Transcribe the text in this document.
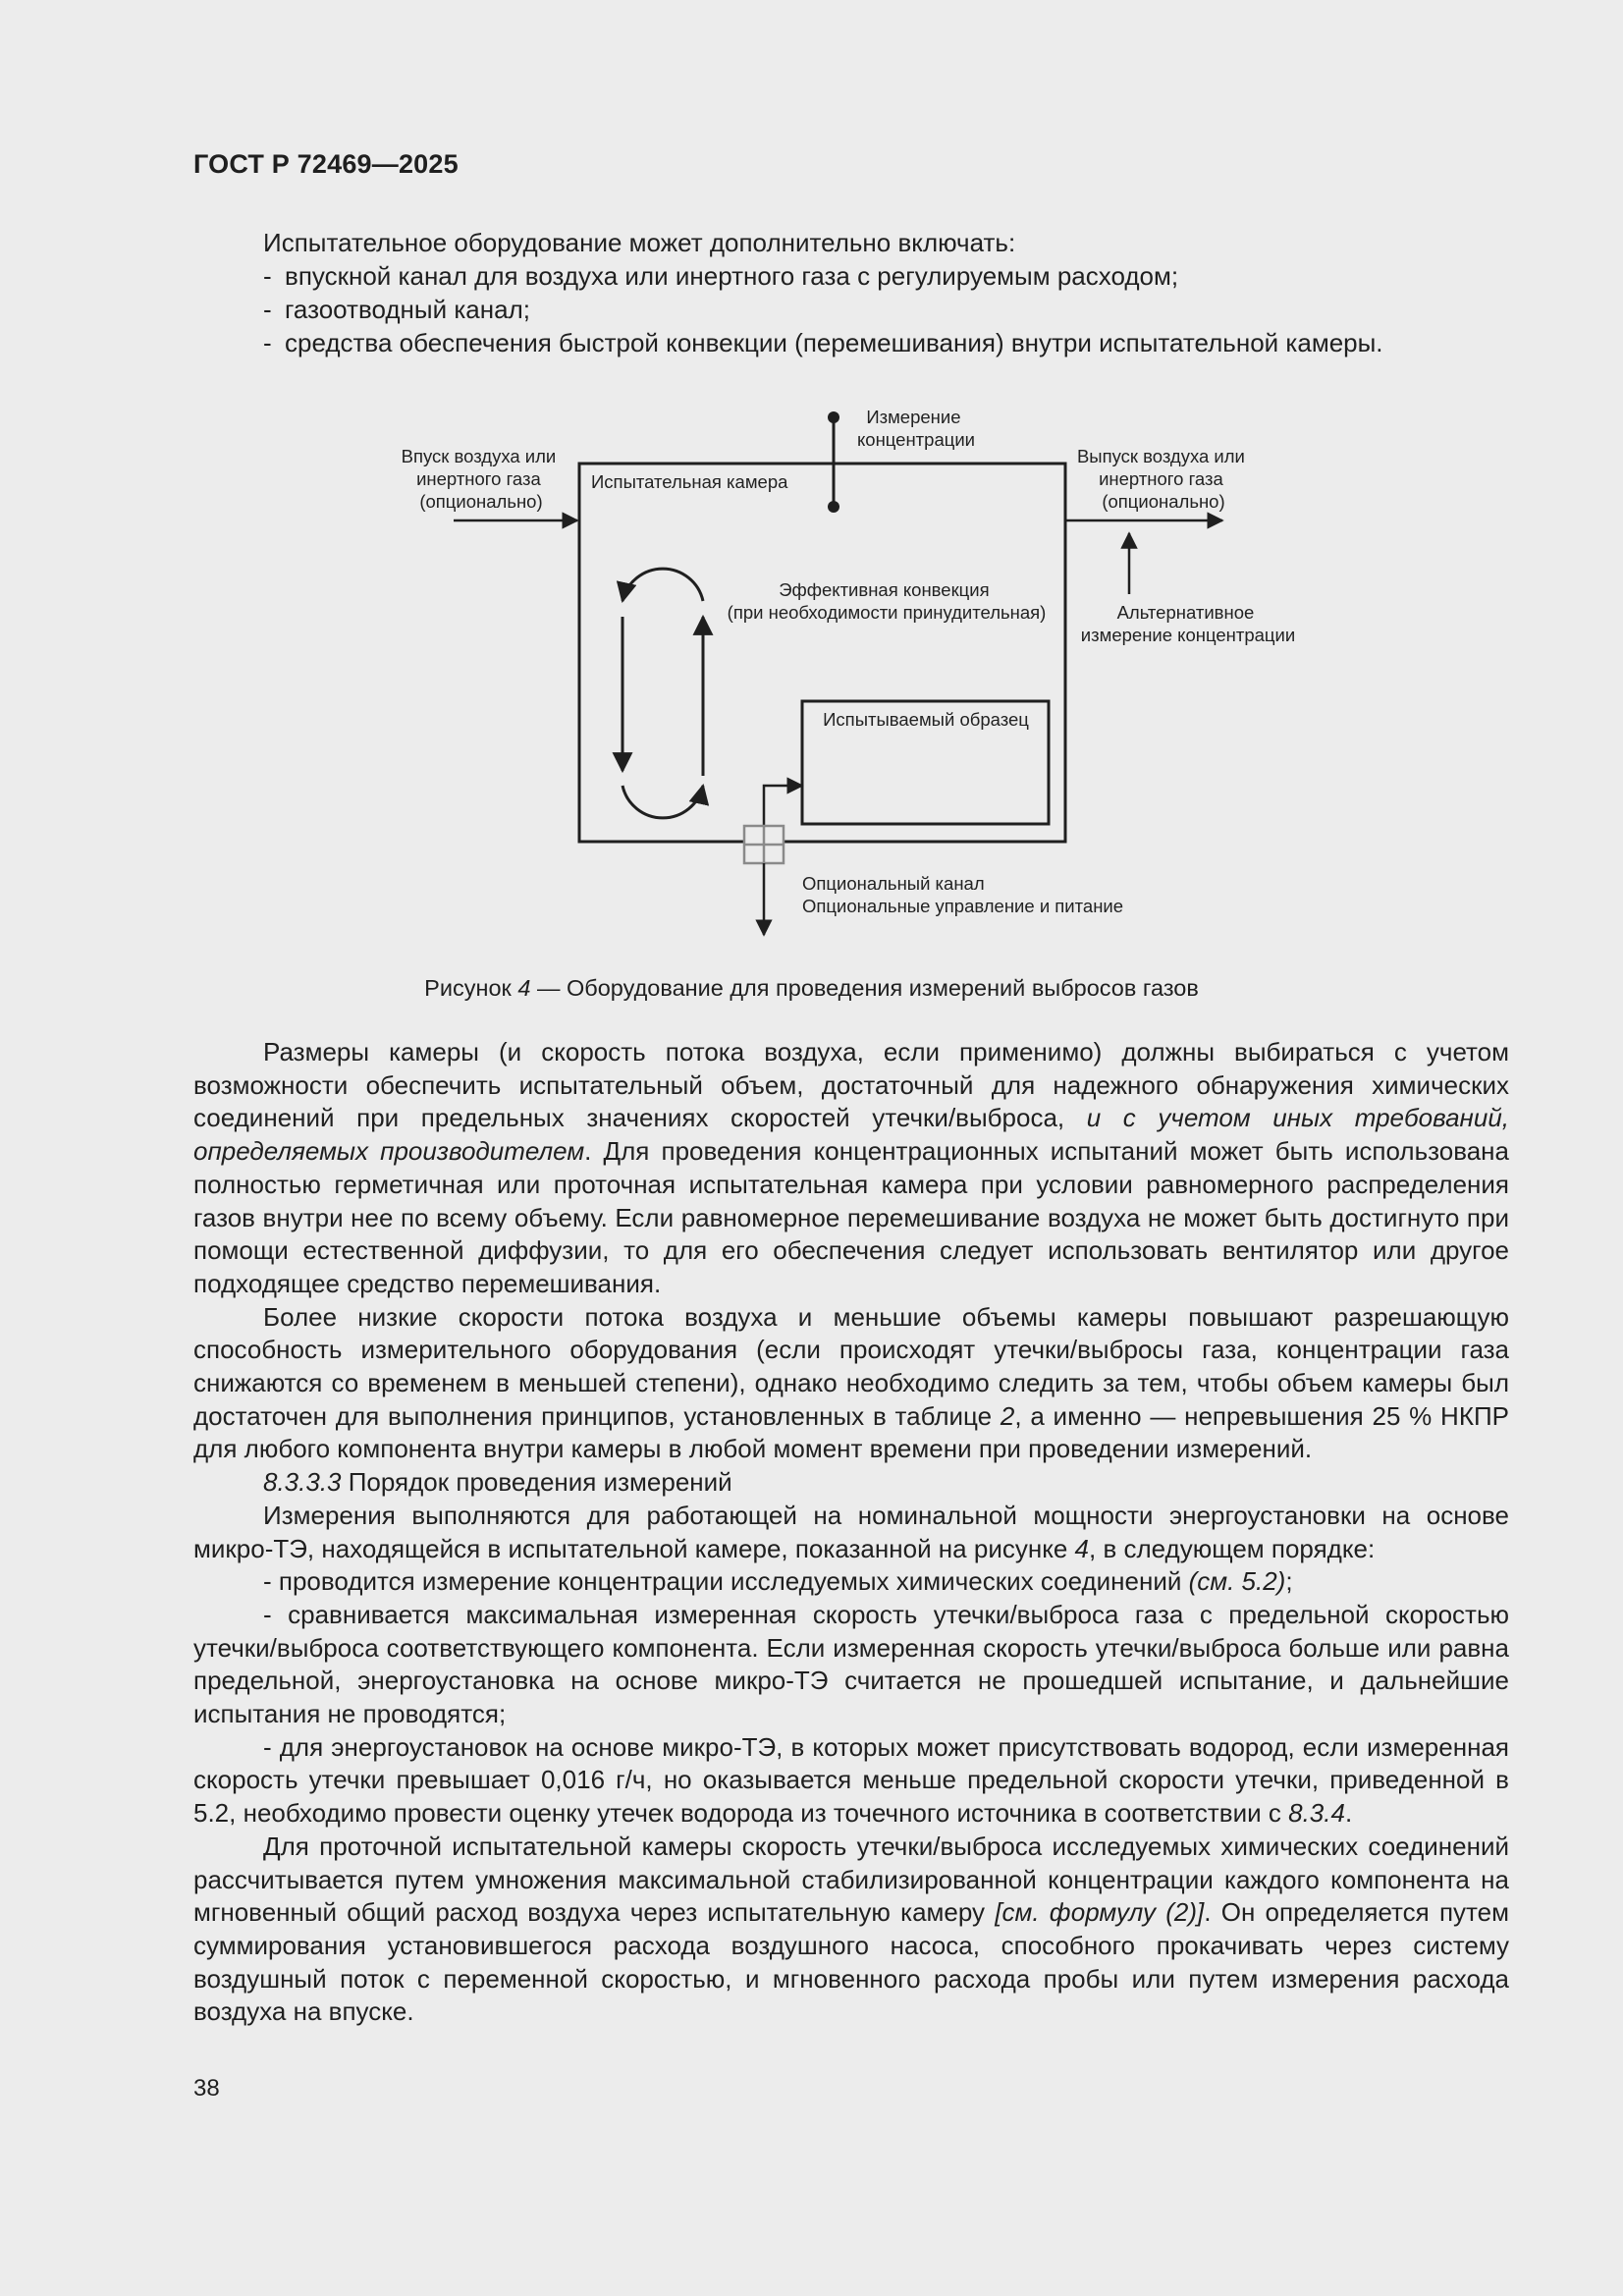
ГОСТ Р 72469—2025
Испытательное оборудование может дополнительно включать:
- впускной канал для воздуха или инертного газа с регулируемым расходом;
- газоотводный канал;
- средства обеспечения быстрой конвекции (перемешивания) внутри испытательной камеры.
Впуск воздуха или инертного газа (опционально)
Испытательная камера
Измерение концентрации
Выпуск воздуха или инертного газа (опционально)
Эффективная конвекция (при необходимости принудительная)	Альтернативное измерение концентрации
Испытываемый образец
Опциональный канал Опциональные управление и питание
Рисунок 4 — Оборудование для проведения измерений выбросов газов

Размеры камеры (и скорость потока воздуха, если применимо) должны выбираться с учетом возможности обеспечить испытательный объем, достаточный для надежного обнаружения химических соединений при предельных значениях скоростей утечки/выброса, и с учетом иных требований, определяемых производителем. Для проведения концентрационных испытаний может быть использована полностью герметичная или проточная испытательная камера при условии равномерного распределения газов внутри нее по всему объему. Если равномерное перемешивание воздуха не может быть достигнуто при помощи естественной диффузии, то для его обеспечения следует использовать вентилятор или другое подходящее средство перемешивания.

Более низкие скорости потока воздуха и меньшие объемы камеры повышают разрешающую способность измерительного оборудования (если происходят утечки/выбросы газа, концентрации газа снижаются со временем в меньшей степени), однако необходимо следить за тем, чтобы объем камеры был достаточен для выполнения принципов, установленных в таблице 2, а именно — непревышения 25 % НКПР для любого компонента внутри камеры в любой момент времени при проведении измерений.

8.3.3.3 Порядок проведения измерений

Измерения выполняются для работающей на номинальной мощности энергоустановки на основе микро-ТЭ, находящейся в испытательной камере, показанной на рисунке 4, в следующем порядке:

- проводится измерение концентрации исследуемых химических соединений (см. 5.2);

- сравнивается максимальная измеренная скорость утечки/выброса газа с предельной скоростью утечки/выброса соответствующего компонента. Если измеренная скорость утечки/выброса больше или равна предельной, энергоустановка на основе микро-ТЭ считается не прошедшей испытание, и дальнейшие испытания не проводятся;

- для энергоустановок на основе микро-ТЭ, в которых может присутствовать водород, если измеренная скорость утечки превышает 0,016 г/ч, но оказывается меньше предельной скорости утечки, приведенной в 5.2, необходимо провести оценку утечек водорода из точечного источника в соответствии с 8.3.4.

Для проточной испытательной камеры скорость утечки/выброса исследуемых химических соединений рассчитывается путем умножения максимальной стабилизированной концентрации каждого компонента на мгновенный общий расход воздуха через испытательную камеру [см. формулу (2)]. Он определяется путем суммирования установившегося расхода воздушного насоса, способного прокачивать через систему воздушный поток с переменной скоростью, и мгновенного расхода пробы или путем измерения расхода воздуха на впуске.

38
